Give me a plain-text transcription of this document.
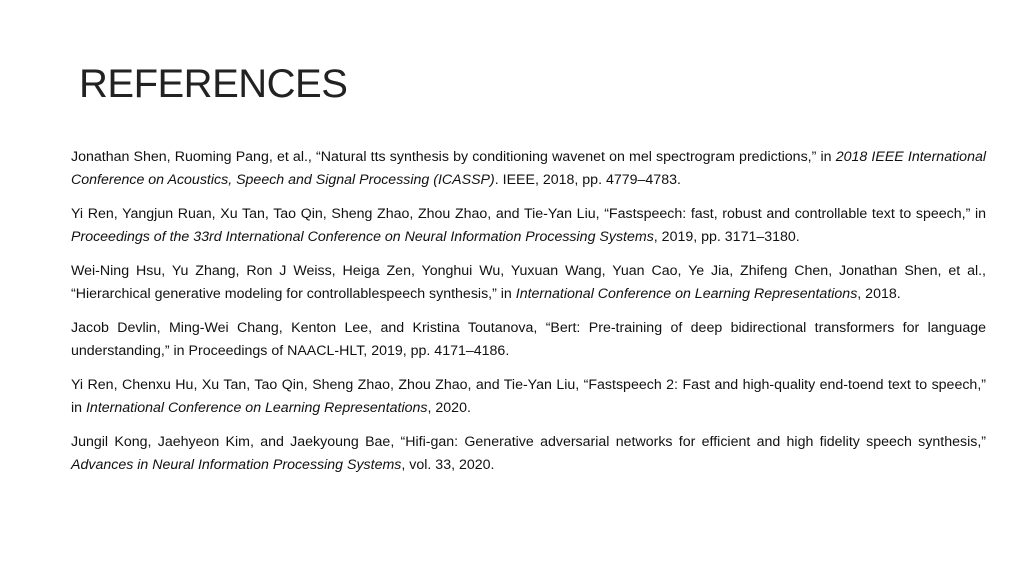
REFERENCES

Jonathan Shen, Ruoming Pang, et al., “Natural tts synthesis by conditioning wavenet on mel spectrogram predictions,” in 2018 IEEE International Conference on Acoustics, Speech and Signal Processing (ICASSP). IEEE, 2018, pp. 4779–4783.

Yi Ren, Yangjun Ruan, Xu Tan, Tao Qin, Sheng Zhao, Zhou Zhao, and Tie-Yan Liu, “Fastspeech: fast, robust and controllable text to speech,” in Proceedings of the 33rd International Conference on Neural Information Processing Systems, 2019, pp. 3171–3180.

Wei-Ning Hsu, Yu Zhang, Ron J Weiss, Heiga Zen, Yonghui Wu, Yuxuan Wang, Yuan Cao, Ye Jia, Zhifeng Chen, Jonathan Shen, et al., “Hierarchical generative modeling for controllablespeech synthesis,” in International Conference on Learning Representations, 2018.

Jacob Devlin, Ming-Wei Chang, Kenton Lee, and Kristina Toutanova, “Bert: Pre-training of deep bidirectional transformers for language understanding,” in Proceedings of NAACL-HLT, 2019, pp. 4171–4186.

Yi Ren, Chenxu Hu, Xu Tan, Tao Qin, Sheng Zhao, Zhou Zhao, and Tie-Yan Liu, “Fastspeech 2: Fast and high-quality end-toend text to speech,” in International Conference on Learning Representations, 2020.

Jungil Kong, Jaehyeon Kim, and Jaekyoung Bae, “Hifi-gan: Generative adversarial networks for efficient and high fidelity speech synthesis,” Advances in Neural Information Processing Systems, vol. 33, 2020.
